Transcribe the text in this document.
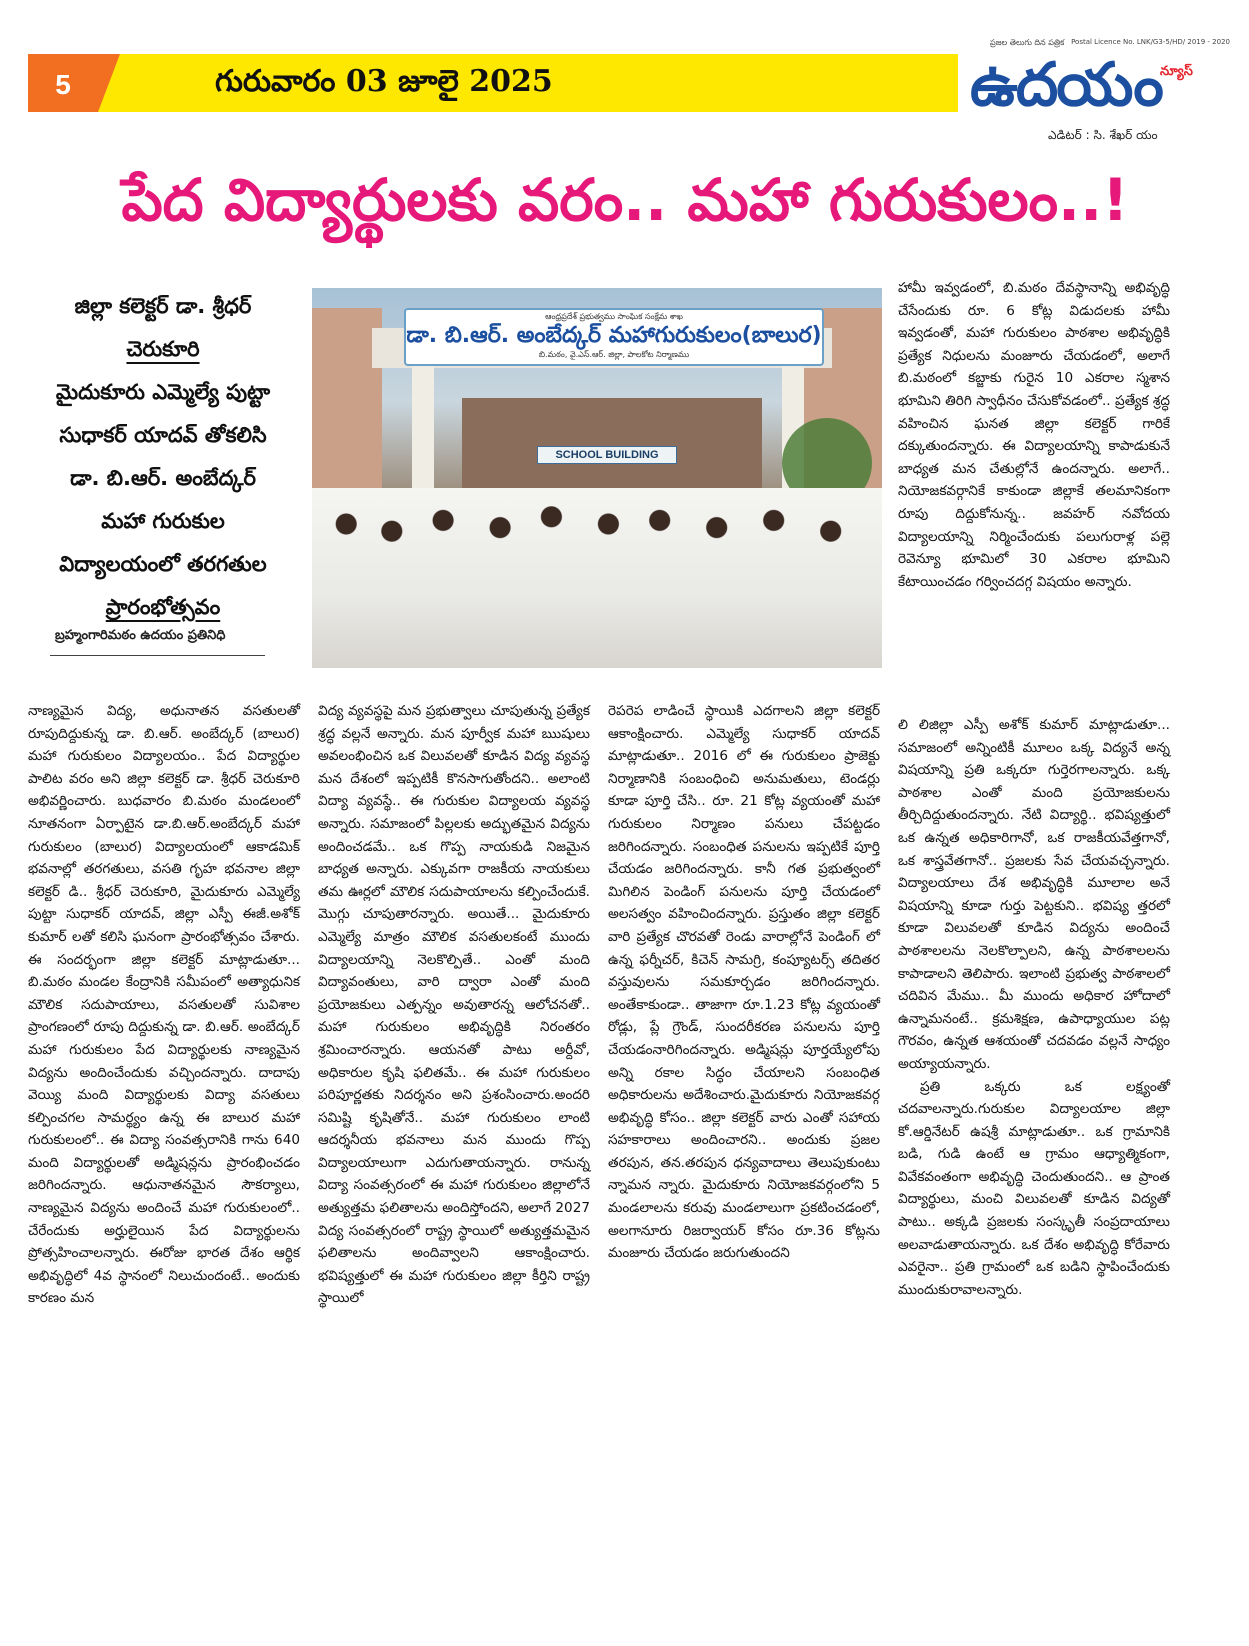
5	గురువారం 03 జూలై 2025
ప్రజల తెలుగు దిన పత్రిక Postal Licence No. LNK/G3-5/HD/ 2019 - 2020
ఉదయం
న్యూస్
ఎడిటర్ : సి. శేఖర్ యం
పేద విద్యార్థులకు వరం.. మహా గురుకులం..!
జిల్లా కలెక్టర్ డా. శ్రీధర్
చెరుకూరి
మైదుకూరు ఎమ్మెల్యే పుట్టా
సుధాకర్ యాదవ్ తోకలిసి
డా. బి.ఆర్. అంబేద్కర్
మహా గురుకుల
విద్యాలయంలో తరగతుల
ప్రారంభోత్సవం
బ్రహ్మంగారిమఠం ఉదయం ప్రతినిధి
ఆంధ్రప్రదేశ్ ప్రభుత్వము సాంఘిక సంక్షేమ శాఖ
డా. బి.ఆర్. అంబేద్కర్ మహాగురుకులం(బాలుర)
బి.మఠం, వై.ఎస్.ఆర్. జిల్లా, పాలకోట నిర్మాణము
SCHOOL BUILDING

నాణ్యమైన విద్య, అధునాతన వసతులతో రూపుదిద్దుకున్న డా. బి.ఆర్. అంబేద్కర్ (బాలుర) మహా గురుకులం విద్యాలయం.. పేద విద్యార్థుల పాలిట వరం అని జిల్లా కలెక్టర్ డా. శ్రీధర్ చెరుకూరి అభివర్ణించారు. బుధవారం బి.మఠం మండలంలో నూతనంగా ఏర్పాటైన డా.బి.ఆర్.అంబేద్కర్ మహా గురుకులం (బాలుర) విద్యాలయంలో ఆకాడమిక్ భవనాల్లో తరగతులు, వసతి గృహ భవనాల జిల్లా కలెక్టర్ డి.. శ్రీధర్ చెరుకూరి, మైదుకూరు ఎమ్మెల్యే పుట్టా సుధాకర్ యాదవ్, జిల్లా ఎస్పీ ఈజీ.అశోక్ కుమార్ లతో కలిసి ఘనంగా ప్రారంభోత్సవం చేశారు. ఈ సందర్భంగా జిల్లా కలెక్టర్ మాట్లాడుతూ... బి.మఠం మండల కేంద్రానికి సమీపంలో అత్యాధునిక మౌలిక సదుపాయాలు, వసతులతో సువిశాల ప్రాంగణంలో రూపు దిద్దుకున్న డా. బి.ఆర్. అంబేద్కర్ మహా గురుకులం పేద విద్యార్థులకు నాణ్యమైన విద్యను అందించేందుకు వచ్చిందన్నారు. దాదాపు వెయ్యి మంది విద్యార్థులకు విద్యా వసతులు కల్పించగల సామర్థ్యం ఉన్న ఈ బాలుర మహా గురుకులంలో.. ఈ విద్యా సంవత్సరానికి గాను 640 మంది విద్యార్థులతో అడ్మిషన్లను ప్రారంభించడం జరిగిందన్నారు. ఆధునాతనమైన సౌకర్యాలు, నాణ్యమైన విద్యను అందించే మహా గురుకులంలో.. చేరేందుకు అర్హులైయిన పేద విద్యార్థులను ప్రోత్సహించాలన్నారు. ఈరోజు భారత దేశం ఆర్థిక అభివృద్ధిలో 4వ స్థానంలో నిలుచుందంటే.. అందుకు కారణం మన

విద్య వ్యవస్థపై మన ప్రభుత్వాలు చూపుతున్న ప్రత్యేక శ్రద్ధ వల్లనే అన్నారు. మన పూర్వీక మహా ఋషులు అవలంభించిన ఒక విలువలతో కూడిన విద్య వ్యవస్థ మన దేశంలో ఇప్పటికీ కొనసాగుతోందని.. అలాంటి విద్యా వ్యవస్థే.. ఈ గురుకుల విద్యాలయ వ్యవస్థ అన్నారు. సమాజంలో పిల్లలకు అద్భుతమైన విద్యను అందించడమే.. ఒక గొప్ప నాయకుడి నిజమైన బాధ్యత అన్నారు. ఎక్కువగా రాజకీయ నాయకులు తమ ఊర్లలో మౌలిక సదుపాయాలను కల్పించేందుకే. మొగ్గు చూపుతారన్నారు. అయితే... మైదుకూరు ఎమ్మెల్యే మాత్రం మౌలిక వసతులకంటే ముందు విద్యాలయాన్ని నెలకొల్పితే.. ఎంతో మంది విద్యావంతులు, వారి ద్వారా ఎంతో మంది ప్రయోజకులు ఎత్పన్నం అవుతారన్న ఆలోచనతో.. మహా గురుకులం అభివృద్ధికి నిరంతరం శ్రమించారన్నారు. ఆయనతో పాటు అర్దీవో, అధికారుల కృషి ఫలితమే.. ఈ మహా గురుకులం పరిపూర్ణతకు నిదర్శనం అని ప్రశంసించారు.అందరి సమిష్టి కృషితోనే.. మహా గురుకులం లాంటి ఆదర్శనీయ భవనాలు మన ముందు గొప్ప విద్యాలయాలుగా ఎదుగుతాయన్నారు. రానున్న విద్యా సంవత్సరంలో ఈ మహా గురుకులం జిల్లాలోనే అత్యుత్తమ ఫలితాలను అందిస్తోందని, అలాగే 2027 విద్య సంవత్సరంలో రాష్ట్ర స్థాయిలో అత్యుత్తమమైన ఫలితాలను అందివ్వాలని ఆకాంక్షించారు. భవిష్యత్తులో ఈ మహా గురుకులం జిల్లా కీర్తిని రాష్ట్ర స్థాయిలో

రెపరెప లాడించే స్థాయికి ఎదగాలని జిల్లా కలెక్టర్ ఆకాంక్షించారు. ఎమ్మెల్యే సుధాకర్ యాదవ్ మాట్లాడుతూ.. 2016 లో ఈ గురుకులం ప్రాజెక్టు నిర్మాణానికి సంబంధించి అనుమతులు, టెండర్లు కూడా పూర్తి చేసి.. రూ. 21 కోట్ల వ్యయంతో మహా గురుకులం నిర్మాణం పనులు చేపట్టడం జరిగిందన్నారు. సంబంధిత పనులను ఇప్పటికే పూర్తి చేయడం జరిగిందన్నారు. కానీ గత ప్రభుత్వంలో మిగిలిన పెండింగ్ పనులను పూర్తి చేయడంలో అలసత్వం వహించిందన్నారు. ప్రస్తుతం జిల్లా కలెక్టర్ వారి ప్రత్యేక చొరవతో రెండు వారాల్లోనే పెండింగ్ లో ఉన్న ఫర్నీచర్, కిచెన్ సామగ్రి, కంప్యూటర్స్ తదితర వస్తువులను సమకూర్చడం జరిగిందన్నారు. అంతేకాకుండా.. తాజాగా రూ.1.23 కోట్ల వ్యయంతో రోడ్లు, ప్లే గ్రౌండ్, సుందరీకరణ పనులను పూర్తి చేయడంనారిగిందన్నారు. అడ్మిషన్లు పూర్తయ్యేలోపు అన్ని రకాల సిద్ధం చేయాలని సంబంధిత అధికారులను అదేశించారు.మైదుకూరు నియోజకవర్గ అభివృద్ధి కోసం.. జిల్లా కలెక్టర్ వారు ఎంతో సహాయ సహకారాలు అందించారని.. అందుకు ప్రజల తరపున, తన.తరపున ధన్యవాదాలు తెలుపుకుంటు న్నామన న్నారు. మైదుకూరు నియోజకవర్గంలోని 5 మండలాలను కరువు మండలాలుగా ప్రకటించడంలో, అలగానూరు రిజర్వాయర్ కోసం రూ.36 కోట్లను మంజూరు చేయడం జరుగుతుందని

హామీ ఇవ్వడంలో, బి.మఠం దేవస్థానాన్ని అభివృద్ధి చేసేందుకు రూ. 6 కోట్ల విడుదలకు హామీ ఇవ్వడంతో, మహా గురుకులం పాఠశాల అభివృద్ధికి ప్రత్యేక నిధులను మంజూరు చేయడంలో, అలాగే బి.మఠంలో కబ్జాకు గురైన 10 ఎకరాల స్మశాన భూమిని తిరిగి స్వాధీనం చేసుకోవడంలో.. ప్రత్యేక శ్రద్ధ వహించిన ఘనత జిల్లా కలెక్టర్ గారికే దక్కుతుందన్నారు. ఈ విద్యాలయాన్ని కాపాడుకునే బాధ్యత మన చేతుల్లోనే ఉందన్నారు. అలాగే.. నియోజకవర్గానికే కాకుండా జిల్లాకే తలమానికంగా రూపు దిద్దుకోనున్న.. జవహర్ నవోదయ విద్యాలయాన్ని నిర్మించేందుకు పలుగురాళ్ల పల్లె రెవెన్యూ భూమిలో 30 ఎకరాల భూమిని కేటాయించడం గర్వించదగ్గ విషయం అన్నారు.

లి లిజిల్లా ఎస్పీ అశోక్ కుమార్ మాట్లాడుతూ... సమాజంలో అన్నింటికీ మూలం ఒక్క విద్యనే అన్న విషయాన్ని ప్రతి ఒక్కరూ గుర్తెరగాలన్నారు. ఒక్క పాఠశాల ఎంతో మంది ప్రయోజకులను తీర్చిదిద్దుతుందన్నారు. నేటి విద్యార్థి.. భవిష్యత్తులో ఒక ఉన్నత అధికారిగానో, ఒక రాజకీయవేత్తగానో, ఒక శాస్త్రవేతగానో.. ప్రజలకు సేవ చేయవచ్చన్నారు. విద్యాలయాలు దేశ అభివృద్ధికి మూలాల అనే విషయాన్ని కూడా గుర్తు పెట్టకుని.. భవిష్య త్తరలో కూడా విలువలతో కూడిన విద్యను అందించే పాఠశాలలను నెలకొల్పాలని, ఉన్న పాఠశాలలను కాపాడాలని తెలిపారు. ఇలాంటి ప్రభుత్వ పాఠశాలలో చదివిన మేము.. మీ ముందు అధికార హోదాలో ఉన్నామనంటే.. క్రమశిక్షణ, ఉపాధ్యాయుల పట్ల గౌరవం, ఉన్నత ఆశయంతో చదవడం వల్లనే సాధ్యం అయ్యాయన్నారు.

ప్రతి ఒక్కరు ఒక లక్ష్యంతో చదవాలన్నారు.గురుకుల విద్యాలయాల జిల్లా కో.ఆర్డినేటర్ ఉషశ్రీ మాట్లాడుతూ.. ఒక గ్రామానికి బడి, గుడి ఉంటే ఆ గ్రామం ఆధ్యాత్మికంగా, వివేకవంతంగా అభివృద్ధి చెందుతుందని.. ఆ ప్రాంత విద్యార్థులు, మంచి విలువలతో కూడిన విద్యతో పాటు.. అక్కడి ప్రజలకు సంస్కృతీ సంప్రదాయాలు అలవాడుతాయన్నారు. ఒక దేశం అభివృద్ధి కోరేవారు ఎవరైనా.. ప్రతి గ్రామంలో ఒక బడిని స్థాపించేందుకు ముందుకురావాలన్నారు.
